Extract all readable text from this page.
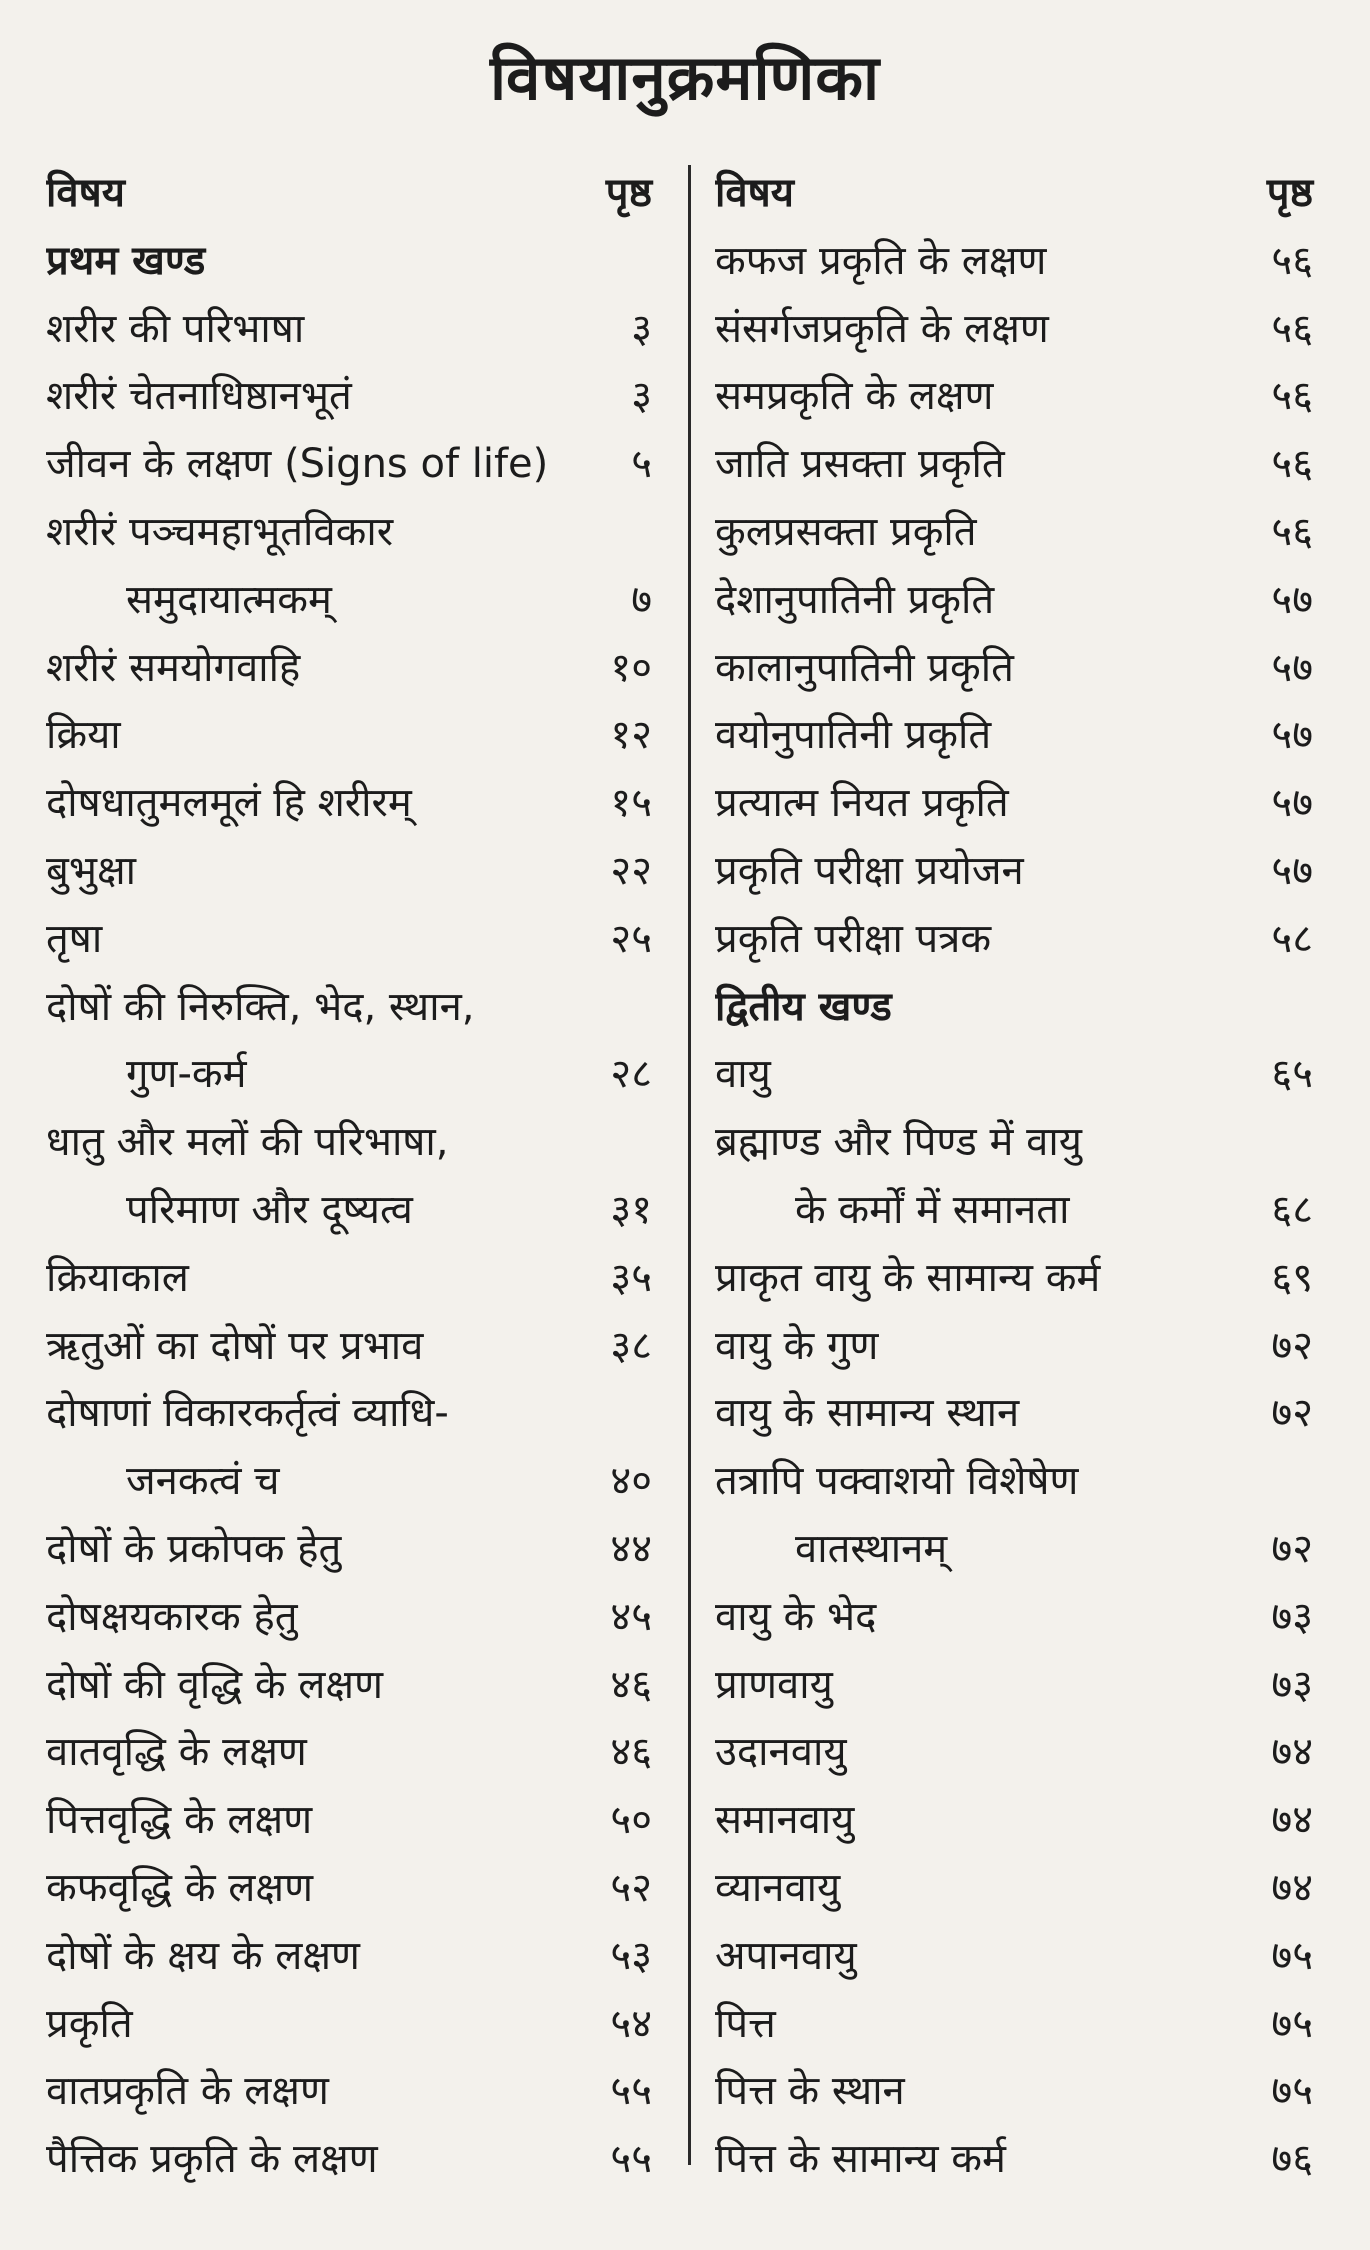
विषयानुक्रमणिका
विषय	पृष्ठ
प्रथम खण्ड
शरीर की परिभाषा	३
शरीरं चेतनाधिष्ठानभूतं	३
जीवन के लक्षण (Signs of life)	५
शरीरं पञ्चमहाभूतविकार
समुदायात्मकम्	७
शरीरं समयोगवाहि	१०
क्रिया	१२
दोषधातुमलमूलं हि शरीरम्	१५
बुभुक्षा	२२
तृषा	२५
दोषों की निरुक्ति, भेद, स्थान,
गुण-कर्म	२८
धातु और मलों की परिभाषा,
परिमाण और दूष्यत्व	३१
क्रियाकाल	३५
ऋतुओं का दोषों पर प्रभाव	३८
दोषाणां विकारकर्तृत्वं व्याधि-
जनकत्वं च	४०
दोषों के प्रकोपक हेतु	४४
दोषक्षयकारक हेतु	४५
दोषों की वृद्धि के लक्षण	४६
वातवृद्धि के लक्षण	४६
पित्तवृद्धि के लक्षण	५०
कफवृद्धि के लक्षण	५२
दोषों के क्षय के लक्षण	५३
प्रकृति	५४
वातप्रकृति के लक्षण	५५
पैत्तिक प्रकृति के लक्षण	५५
विषय	पृष्ठ
कफज प्रकृति के लक्षण	५६
संसर्गजप्रकृति के लक्षण	५६
समप्रकृति के लक्षण	५६
जाति प्रसक्ता प्रकृति	५६
कुलप्रसक्ता प्रकृति	५६
देशानुपातिनी प्रकृति	५७
कालानुपातिनी प्रकृति	५७
वयोनुपातिनी प्रकृति	५७
प्रत्यात्म नियत प्रकृति	५७
प्रकृति परीक्षा प्रयोजन	५७
प्रकृति परीक्षा पत्रक	५८
द्वितीय खण्ड
वायु	६५
ब्रह्माण्ड और पिण्ड में वायु
के कर्मों में समानता	६८
प्राकृत वायु के सामान्य कर्म	६९
वायु के गुण	७२
वायु के सामान्य स्थान	७२
तत्रापि पक्वाशयो विशेषेण
वातस्थानम्	७२
वायु के भेद	७३
प्राणवायु	७३
उदानवायु	७४
समानवायु	७४
व्यानवायु	७४
अपानवायु	७५
पित्त	७५
पित्त के स्थान	७५
पित्त के सामान्य कर्म	७६
